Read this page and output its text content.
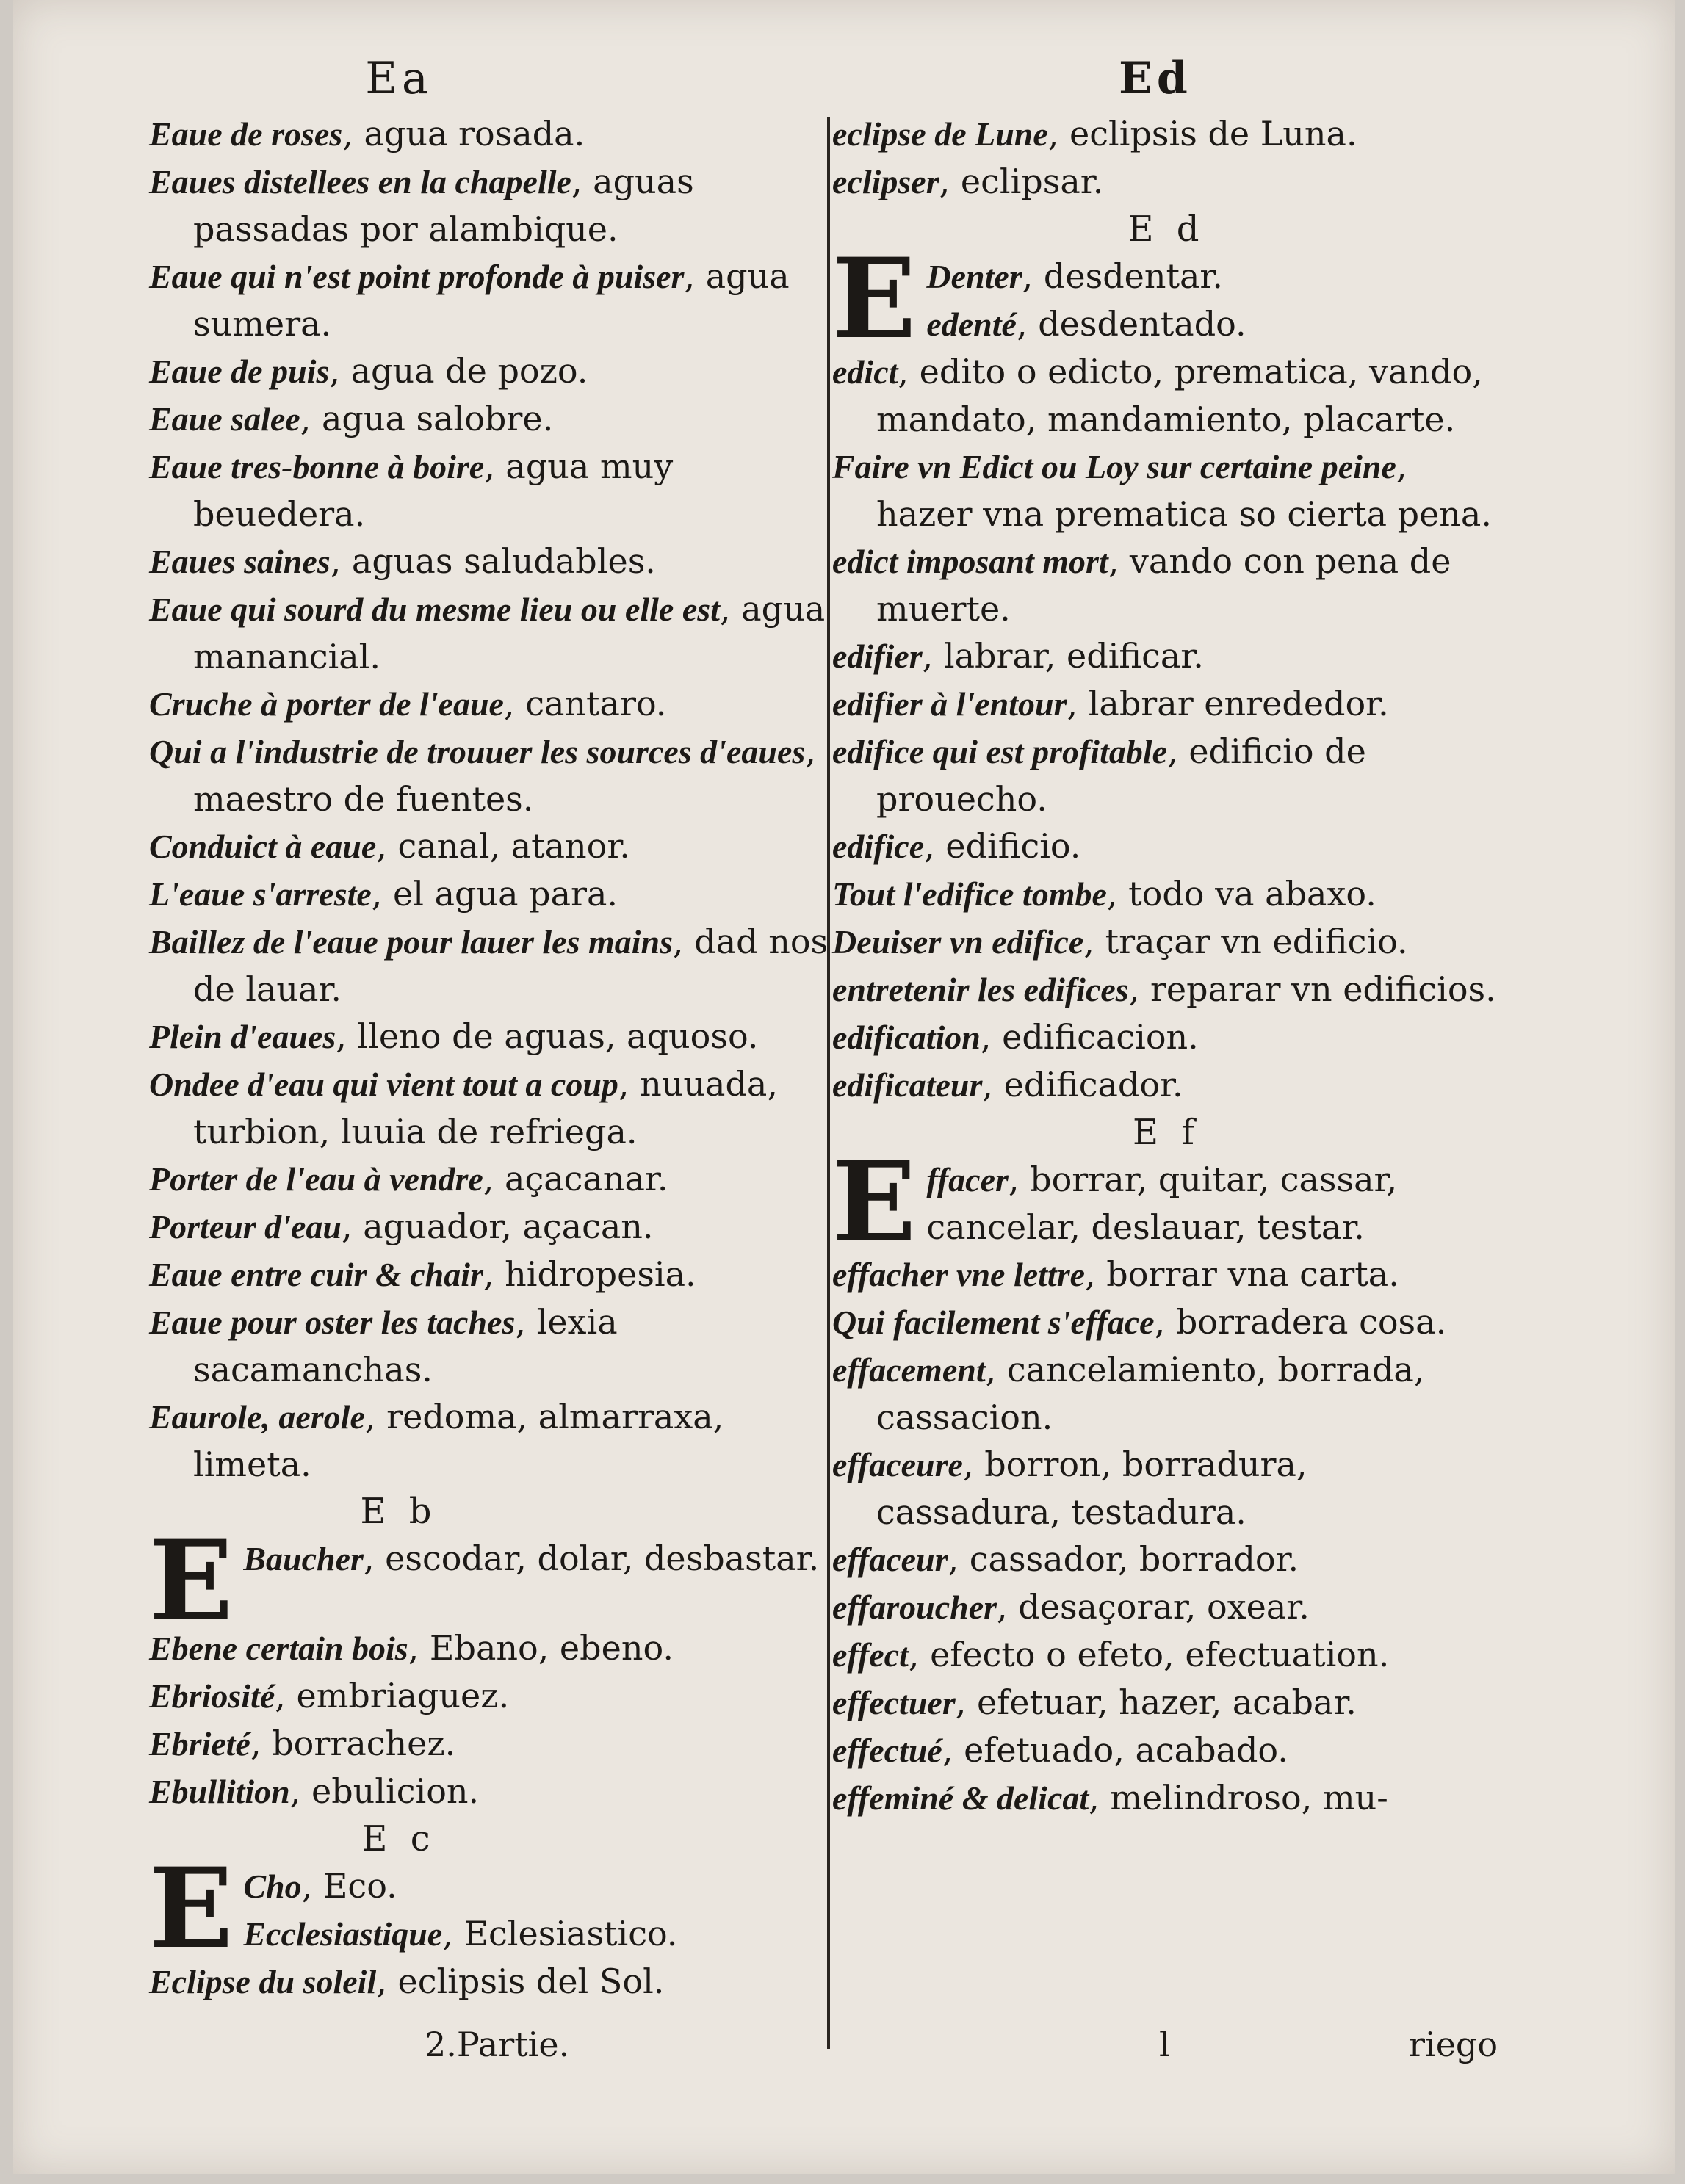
Ea

Eaue de roses, agua rosada.

Eaues distellees en la chapelle, aguas passadas por alambique.

Eaue qui n'est point profonde à puiser, agua sumera.

Eaue de puis, agua de pozo.

Eaue salee, agua salobre.

Eaue tres-bonne à boire, agua muy beuedera.

Eaues saines, aguas saludables.

Eaue qui sourd du mesme lieu ou elle est, agua manancial.

Cruche à porter de l'eaue, cantaro.

Qui a l'industrie de trouuer les sources d'eaues, maestro de fuentes.

Conduict à eaue, canal, atanor.

L'eaue s'arreste, el agua para.

Baillez de l'eaue pour lauer les mains, dad nos de lauar.

Plein d'eaues, lleno de aguas, aquoso.

Ondee d'eau qui vient tout a coup, nuuada, turbion, luuia de refriega.

Porter de l'eau à vendre, açacanar.

Porteur d'eau, aguador, açacan.

Eaue entre cuir & chair, hidropesia.

Eaue pour oster les taches, lexia sacamanchas.

Eaurole, aerole, redoma, almarraxa, limeta.

E b

E Baucher, escodar, dolar, desbastar.

Ebene certain bois, Ebano, ebeno.

Ebriosité, embriaguez.

Ebrieté, borrachez.

Ebullition, ebulicion.

E c

E Cho, Eco.

Ecclesiastique, Eclesiastico.

Eclipse du soleil, eclipsis del Sol.

Ed

eclipse de Lune, eclipsis de Luna.

eclipser, eclipsar.

E d

E Denter, desdentar.

edenté, desdentado.

edict, edito o edicto, prematica, vando, mandato, mandamiento, placarte.

Faire vn Edict ou Loy sur certaine peine, hazer vna prematica so cierta pena.

edict imposant mort, vando con pena de muerte.

edifier, labrar, edificar.

edifier à l'entour, labrar enrededor.

edifice qui est profitable, edificio de prouecho.

edifice, edificio.

Tout l'edifice tombe, todo va abaxo.

Deuiser vn edifice, traçar vn edificio.

entretenir les edifices, reparar vn edificios.

edification, edificacion.

edificateur, edificador.

E f

E ffacer, borrar, quitar, cassar, cancelar, deslauar, testar.

effacher vne lettre, borrar vna carta.

Qui facilement s'efface, borradera cosa.

effacement, cancelamiento, borrada, cassacion.

effaceure, borron, borradura, cassadura, testadura.

effaceur, cassador, borrador.

effaroucher, desaçorar, oxear.

effect, efecto o efeto, efectuation.

effectuer, efetuar, hazer, acabar.

effectué, efetuado, acabado.

effeminé & delicat, melindroso, mu-

2.Partie.	l	riego
